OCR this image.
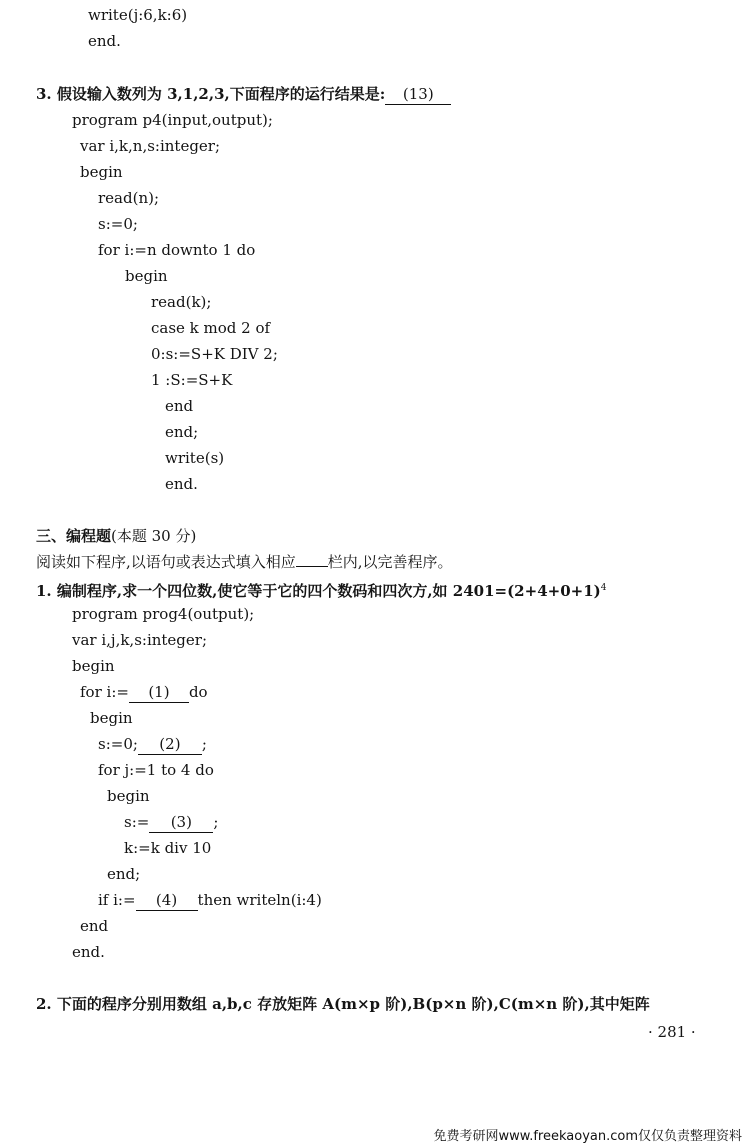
write(j:6,k:6)
end.
3. 假设输入数列为 3,1,2,3,下面程序的运行结果是: (13)
program p4(input,output);
var i,k,n,s:integer;
begin
read(n);
s:=0;
for i:=n downto 1 do
begin
read(k);
case k mod 2 of
0:s:=S+K DIV 2;
1 :S:=S+K
end
end;
write(s)
end.
三、编程题(本题 30 分)
阅读如下程序,以语句或表达式填入相应 栏内,以完善程序。
1. 编制程序,求一个四位数,使它等于它的四个数码和四次方,如 $2401=(2+4+0+1)^4$
program prog4(output);
var i,j,k,s:integer;
begin
for i:= (1) do
begin
s:=0; (2) ;
for j:=1 to 4 do
begin
s:= (3) ;
k:=k div 10
end;
if i:= (4) then writeln(i:4)
end
end.
2. 下面的程序分别用数组 a,b,c 存放矩阵 A(m×p 阶),B(p×n 阶),C(m×n 阶),其中矩阵
· 281 ·
免费考研网www.freekaoyan.com仅仅负责整理资料
